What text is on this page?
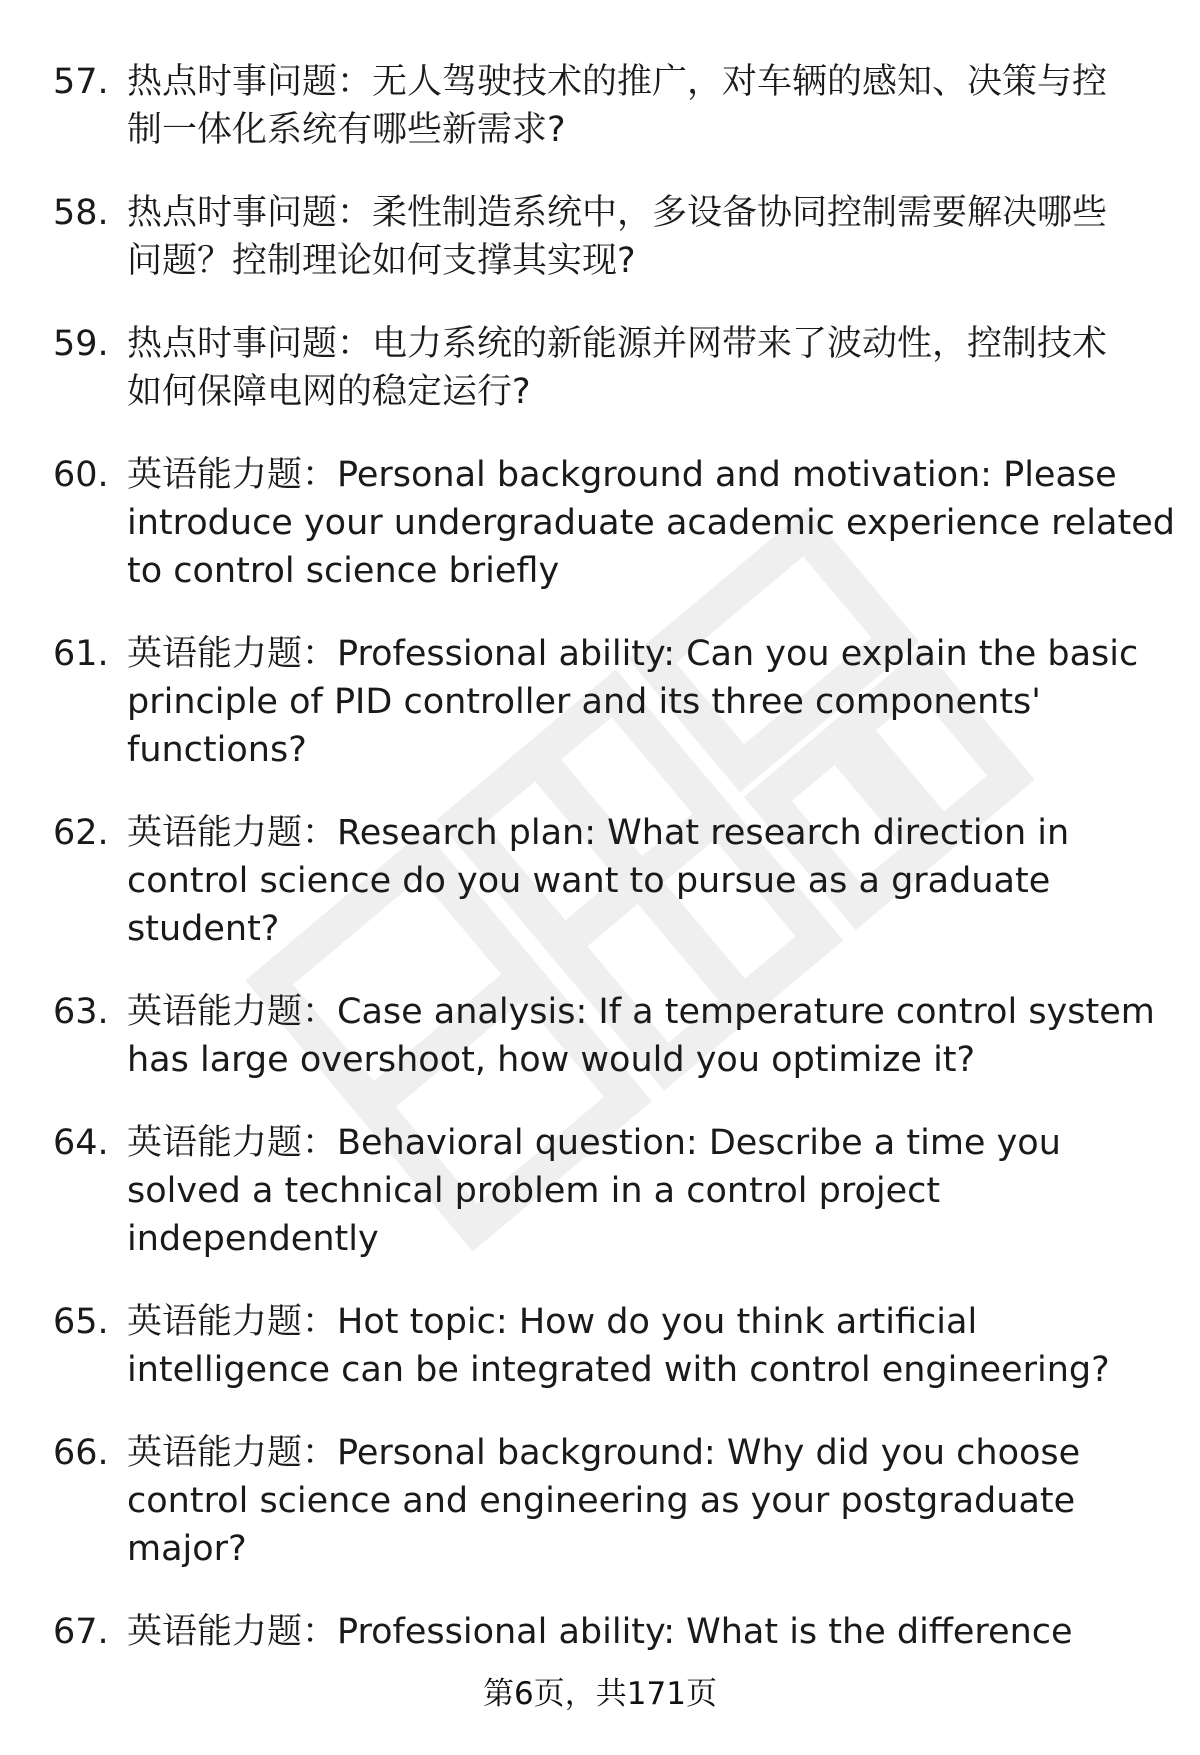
57. 热点时事问题：无人驾驶技术的推广，对车辆的感知、决策与控
制一体化系统有哪些新需求?
58. 热点时事问题：柔性制造系统中，多设备协同控制需要解决哪些
问题？控制理论如何支撑其实现?
59. 热点时事问题：电力系统的新能源并网带来了波动性，控制技术
如何保障电网的稳定运行?
60. 英语能力题：Personal background and motivation: Please
introduce your undergraduate academic experience related
to control science briefly
61. 英语能力题：Professional ability: Can you explain the basic
principle of PID controller and its three components'
functions?
62. 英语能力题：Research plan: What research direction in
control science do you want to pursue as a graduate
student?
63. 英语能力题：Case analysis: If a temperature control system
has large overshoot, how would you optimize it?
64. 英语能力题：Behavioral question: Describe a time you
solved a technical problem in a control project
independently
65. 英语能力题：Hot topic: How do you think artificial
intelligence can be integrated with control engineering?
66. 英语能力题：Personal background: Why did you choose
control science and engineering as your postgraduate
major?
67. 英语能力题：Professional ability: What is the difference
第6页，共171页
